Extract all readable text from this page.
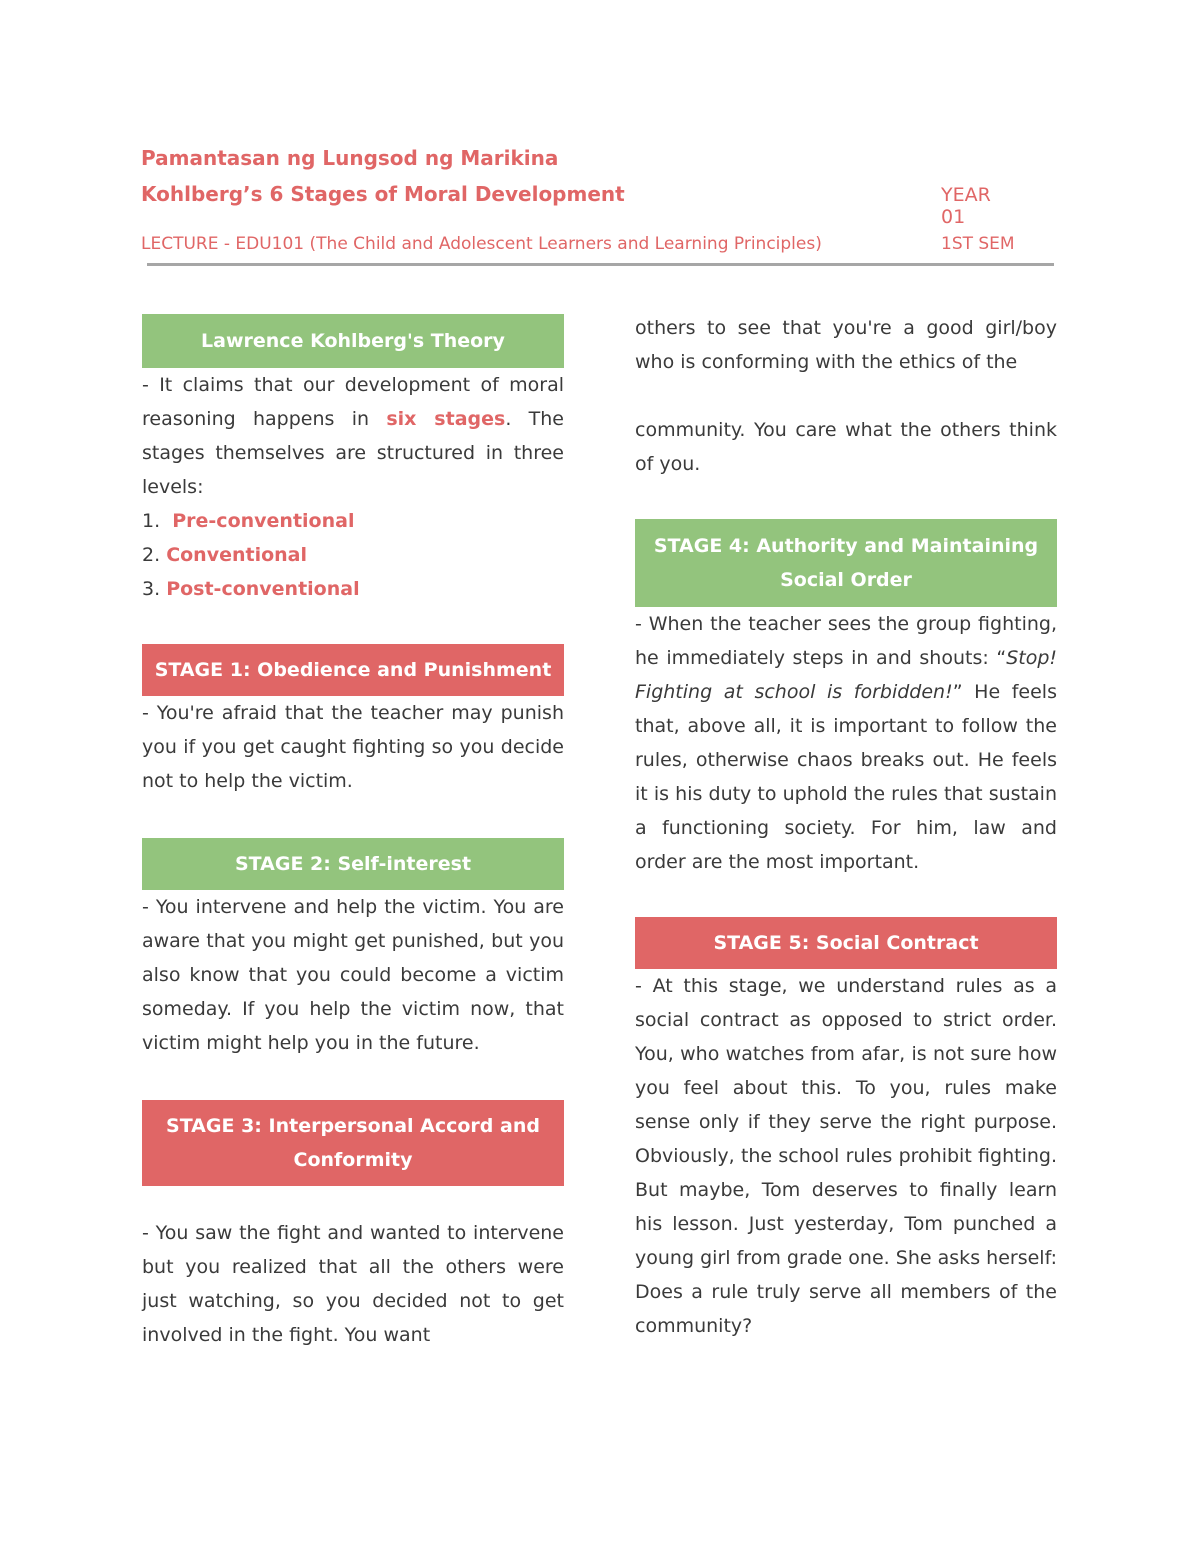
Pamantasan ng Lungsod ng Marikina
Kohlberg’s 6 Stages of Moral Development	YEAR 01
LECTURE - EDU101 (The Child and Adolescent Learners and Learning Principles)	1ST SEM
Lawrence Kohlberg's Theory

- It claims that our development of moral reasoning happens in six stages. The stages themselves are structured in three levels:

1. Pre-conventional

2. Conventional

3. Post-conventional

STAGE 1: Obedience and Punishment

- You're afraid that the teacher may punish you if you get caught fighting so you decide not to help the victim.

STAGE 2: Self-interest

- You intervene and help the victim. You are aware that you might get punished, but you also know that you could become a victim someday. If you help the victim now, that victim might help you in the future.

STAGE 3: Interpersonal Accord and Conformity

- You saw the fight and wanted to intervene but you realized that all the others were just watching, so you decided not to get involved in the fight. You want

others to see that you're a good girl/boy who is conforming with the ethics of the

community. You care what the others think of you.

STAGE 4: Authority and Maintaining Social Order

- When the teacher sees the group fighting, he immediately steps in and shouts: “Stop! Fighting at school is forbidden!” He feels that, above all, it is important to follow the rules, otherwise chaos breaks out. He feels it is his duty to uphold the rules that sustain a functioning society. For him, law and order are the most important.

STAGE 5: Social Contract

- At this stage, we understand rules as a social contract as opposed to strict order. You, who watches from afar, is not sure how you feel about this. To you, rules make sense only if they serve the right purpose. Obviously, the school rules prohibit fighting. But maybe, Tom deserves to finally learn his lesson. Just yesterday, Tom punched a young girl from grade one. She asks herself: Does a rule truly serve all members of the community?
